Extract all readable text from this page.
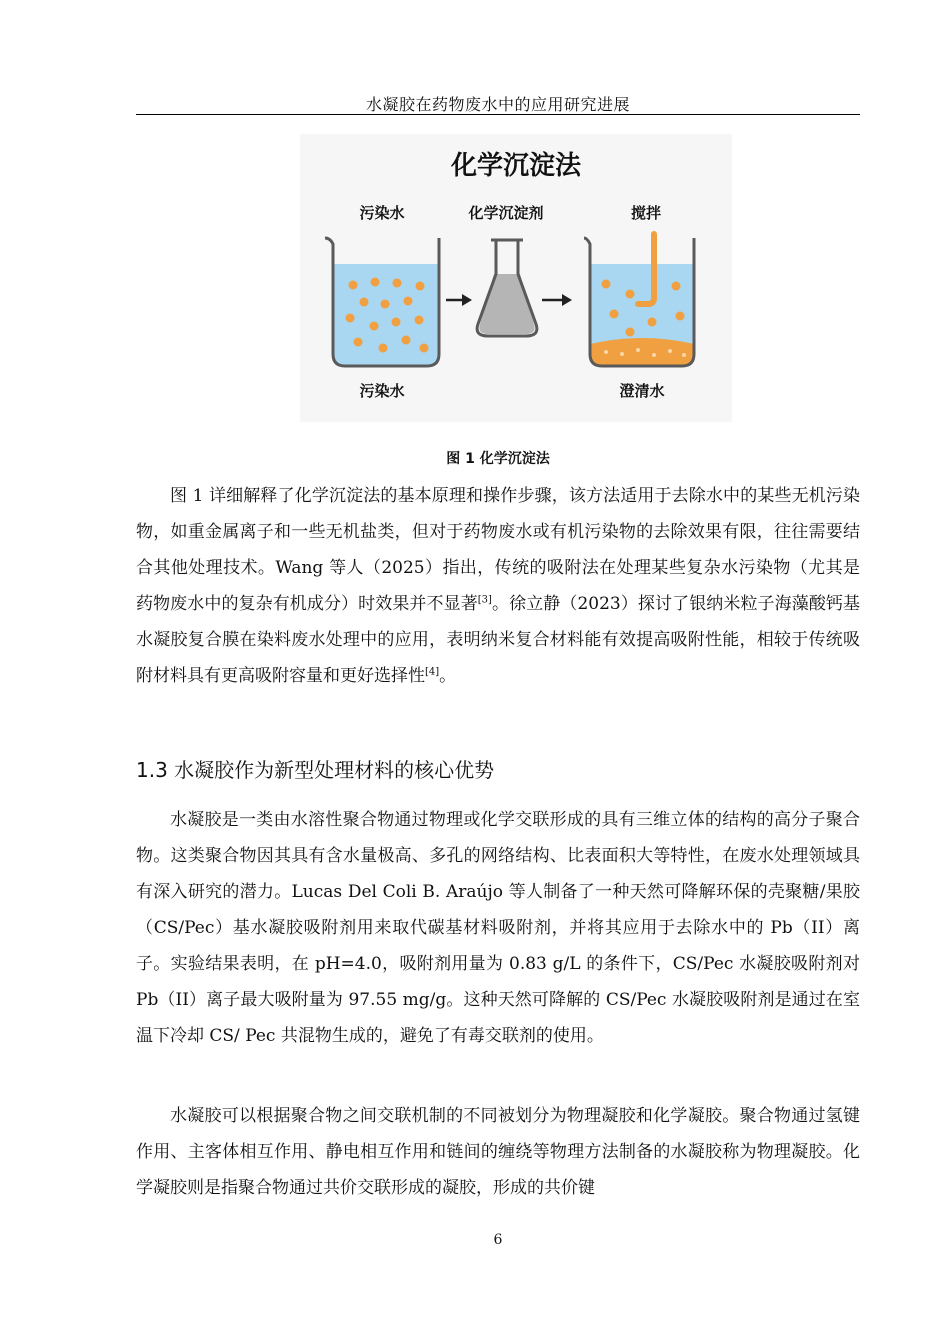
水凝胶在药物废水中的应用研究进展
化学沉淀法
污染水	化学沉淀剂	搅拌
污染水	澄清水
图 1 化学沉淀法

图 1 详细解释了化学沉淀法的基本原理和操作步骤，该方法适用于去除水中的某些无机污染物，如重金属离子和一些无机盐类，但对于药物废水或有机污染物的去除效果有限，往往需要结合其他处理技术。Wang 等人（2025）指出，传统的吸附法在处理某些复杂水污染物（尤其是药物废水中的复杂有机成分）时效果并不显著[3]。徐立静（2023）探讨了银纳米粒子海藻酸钙基水凝胶复合膜在染料废水处理中的应用，表明纳米复合材料能有效提高吸附性能，相较于传统吸附材料具有更高吸附容量和更好选择性[4]。

1.3 水凝胶作为新型处理材料的核心优势

水凝胶是一类由水溶性聚合物通过物理或化学交联形成的具有三维立体的结构的高分子聚合物。这类聚合物因其具有含水量极高、多孔的网络结构、比表面积大等特性，在废水处理领域具有深入研究的潜力。Lucas Del Coli B. Araújo 等人制备了一种天然可降解环保的壳聚糖/果胶（CS/Pec）基水凝胶吸附剂用来取代碳基材料吸附剂，并将其应用于去除水中的 Pb（II）离子。实验结果表明，在 pH=4.0，吸附剂用量为 0.83 g/L 的条件下，CS/Pec 水凝胶吸附剂对 Pb（II）离子最大吸附量为 97.55 mg/g。这种天然可降解的 CS/Pec 水凝胶吸附剂是通过在室温下冷却 CS/ Pec 共混物生成的，避免了有毒交联剂的使用。

水凝胶可以根据聚合物之间交联机制的不同被划分为物理凝胶和化学凝胶。聚合物通过氢键作用、主客体相互作用、静电相互作用和链间的缠绕等物理方法制备的水凝胶称为物理凝胶。化学凝胶则是指聚合物通过共价交联形成的凝胶，形成的共价键

6
